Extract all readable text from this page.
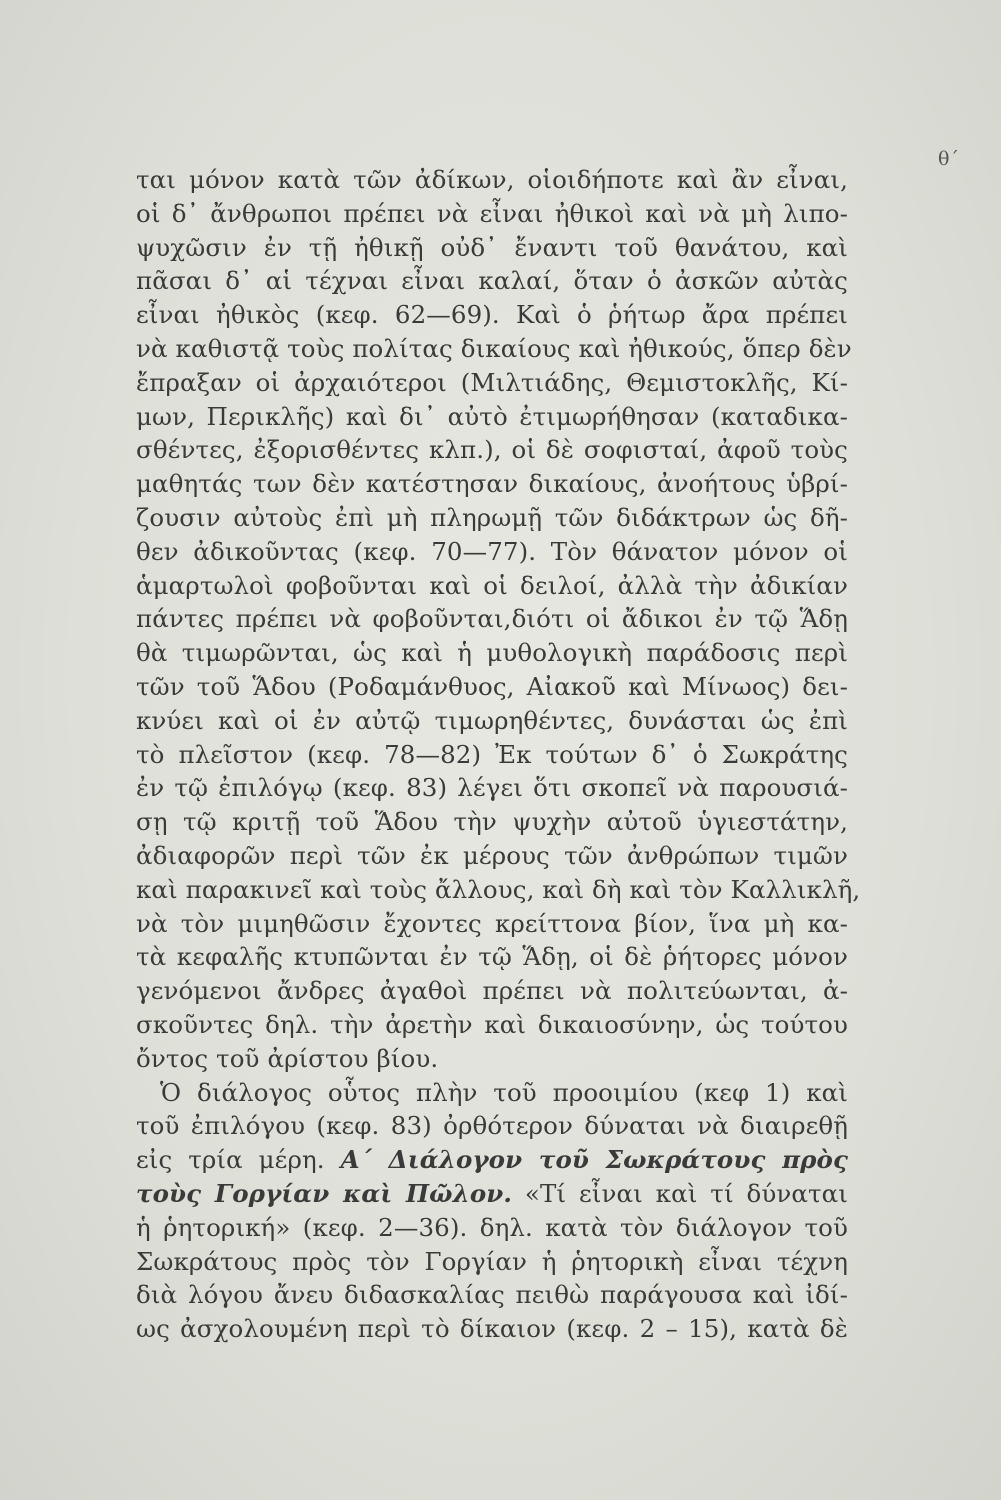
θ΄
ται μόνον κατὰ τῶν ἀδίκων, οἱοιδήποτε καὶ ἂν εἶναι,
οἱ δ᾽ ἄνθρωποι πρέπει νὰ εἶναι ἠθικοὶ καὶ νὰ μὴ λιπο-
ψυχῶσιν ἐν τῇ ἠθικῇ οὐδ᾽ ἔναντι τοῦ θανάτου, καὶ
πᾶσαι δ᾽ αἱ τέχναι εἶναι καλαί, ὅταν ὁ ἀσκῶν αὐτὰς
εἶναι ἠθικὸς (κεφ. 62—69). Καὶ ὁ ῥήτωρ ἄρα πρέπει
νὰ καθιστᾷ τοὺς πολίτας δικαίους καὶ ἠθικούς, ὅπερ δὲν
ἔπραξαν οἱ ἀρχαιότεροι (Μιλτιάδης, Θεμιστοκλῆς, Κί-
μων, Περικλῆς) καὶ δι᾽ αὐτὸ ἐτιμωρήθησαν (καταδικα-
σθέντες, ἐξορισθέντες κλπ.), οἱ δὲ σοφισταί, ἀφοῦ τοὺς
μαθητάς των δὲν κατέστησαν δικαίους, ἀνοήτους ὑβρί-
ζουσιν αὐτοὺς ἐπὶ μὴ πληρωμῇ τῶν διδάκτρων ὡς δῆ-
θεν ἀδικοῦντας (κεφ. 70—77). Τὸν θάνατον μόνον οἱ
ἁμαρτωλοὶ φοβοῦνται καὶ οἱ δειλοί, ἀλλὰ τὴν ἀδικίαν
πάντες πρέπει νὰ φοβοῦνται,διότι οἱ ἄδικοι ἐν τῷ Ἅδῃ
θὰ τιμωρῶνται, ὡς καὶ ἡ μυθολογικὴ παράδοσις περὶ
τῶν τοῦ Ἅδου (Ροδαμάνθυος, Αἰακοῦ καὶ Μίνωος) δει-
κνύει καὶ οἱ ἐν αὐτῷ τιμωρηθέντες, δυνάσται ὡς ἐπὶ
τὸ πλεῖστον (κεφ. 78—82) Ἐκ τούτων δ᾽ ὁ Σωκράτης
ἐν τῷ ἐπιλόγῳ (κεφ. 83) λέγει ὅτι σκοπεῖ νὰ παρουσιά-
σῃ τῷ κριτῇ τοῦ Ἅδου τὴν ψυχὴν αὐτοῦ ὑγιεστάτην,
ἀδιαφορῶν περὶ τῶν ἐκ μέρους τῶν ἀνθρώπων τιμῶν
καὶ παρακινεῖ καὶ τοὺς ἄλλους, καὶ δὴ καὶ τὸν Καλλικλῆ,
νὰ τὸν μιμηθῶσιν ἔχοντες κρείττονα βίον, ἵνα μὴ κα-
τὰ κεφαλῆς κτυπῶνται ἐν τῷ Ἅδῃ, οἱ δὲ ῥήτορες μόνον
γενόμενοι ἄνδρες ἀγαθοὶ πρέπει νὰ πολιτεύωνται, ἀ-
σκοῦντες δηλ. τὴν ἀρετὴν καὶ δικαιοσύνην, ὡς τούτου
ὄντος τοῦ ἀρίστου βίου.
Ὁ διάλογος οὗτος πλὴν τοῦ προοιμίου (κεφ 1) καὶ
τοῦ ἐπιλόγου (κεφ. 83) ὀρθότερον δύναται νὰ διαιρεθῇ
εἰς τρία μέρη. Α΄ Διάλογον τοῦ Σωκράτους πρὸς
τοὺς Γοργίαν καὶ Πῶλον. «Τί εἶναι καὶ τί δύναται
ἡ ῥητορική» (κεφ. 2—36). δηλ. κατὰ τὸν διάλογον τοῦ
Σωκράτους πρὸς τὸν Γοργίαν ἡ ῥητορικὴ εἶναι τέχνη
διὰ λόγου ἄνευ διδασκαλίας πειθὼ παράγουσα καὶ ἰδί-
ως ἀσχολουμένη περὶ τὸ δίκαιον (κεφ. 2 – 15), κατὰ δὲ
